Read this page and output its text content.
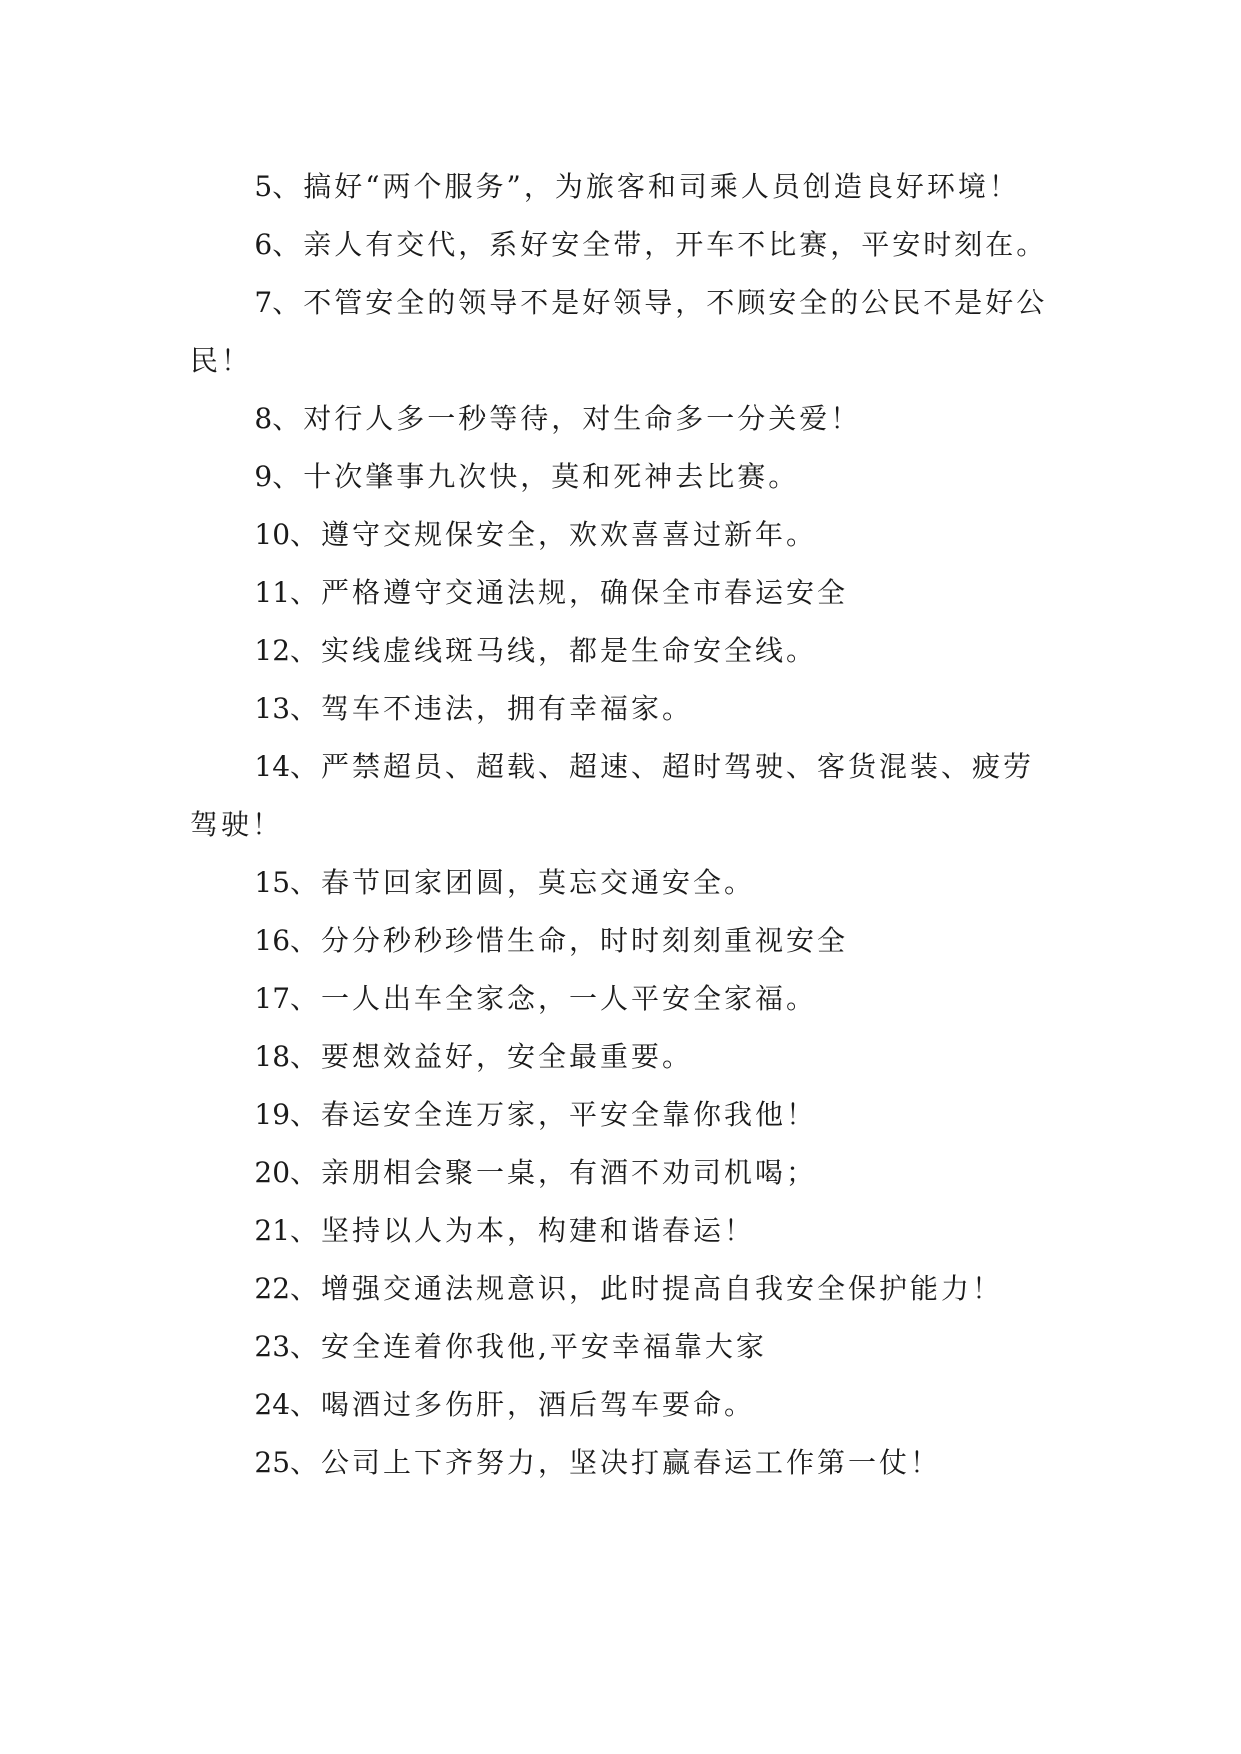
5、搞好“两个服务”，为旅客和司乘人员创造良好环境！

6、亲人有交代，系好安全带，开车不比赛，平安时刻在。

7、不管安全的领导不是好领导，不顾安全的公民不是好公民！

8、对行人多一秒等待，对生命多一分关爱！

9、十次肇事九次快，莫和死神去比赛。

10、遵守交规保安全，欢欢喜喜过新年。

11、严格遵守交通法规，确保全市春运安全

12、实线虚线斑马线，都是生命安全线。

13、驾车不违法，拥有幸福家。

14、严禁超员、超载、超速、超时驾驶、客货混装、疲劳驾驶！

15、春节回家团圆，莫忘交通安全。

16、分分秒秒珍惜生命，时时刻刻重视安全

17、一人出车全家念，一人平安全家福。

18、要想效益好，安全最重要。

19、春运安全连万家，平安全靠你我他！

20、亲朋相会聚一桌，有酒不劝司机喝；

21、坚持以人为本，构建和谐春运！

22、增强交通法规意识，此时提高自我安全保护能力！

23、安全连着你我他,平安幸福靠大家

24、喝酒过多伤肝，酒后驾车要命。

25、公司上下齐努力，坚决打赢春运工作第一仗！
